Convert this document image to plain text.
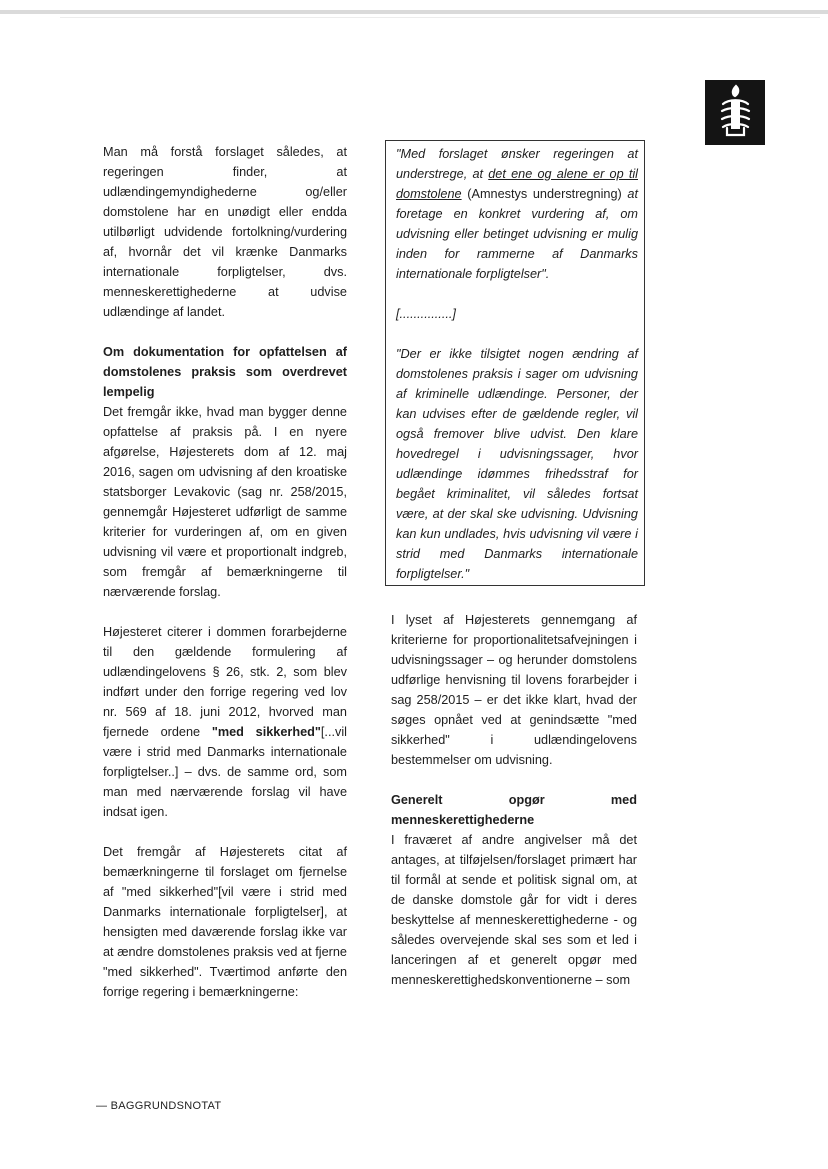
Man må forstå forslaget således, at regeringen finder, at udlændingemyndighederne og/eller domstolene har en unødigt eller endda utilbørligt udvidende fortolkning/vurdering af, hvornår det vil krænke Danmarks internationale forpligtelser, dvs. menneskerettighederne at udvise udlændinge af landet.

Om dokumentation for opfattelsen af domstolenes praksis som overdrevet lempelig

Det fremgår ikke, hvad man bygger denne opfattelse af praksis på. I en nyere afgørelse, Højesterets dom af 12. maj 2016, sagen om udvisning af den kroatiske statsborger Levakovic (sag nr. 258/2015, gennemgår Højesteret udførligt de samme kriterier for vurderingen af, om en given udvisning vil være et proportionalt indgreb, som fremgår af bemærkningerne til nærværende forslag.

Højesteret citerer i dommen forarbejderne til den gældende formulering af udlændingelovens § 26, stk. 2, som blev indført under den forrige regering ved lov nr. 569 af 18. juni 2012, hvorved man fjernede ordene "med sikkerhed"[...vil være i strid med Danmarks internationale forpligtelser..] – dvs. de samme ord, som man med nærværende forslag vil have indsat igen.

Det fremgår af Højesterets citat af bemærkningerne til forslaget om fjernelse af "med sikkerhed"[vil være i strid med Danmarks internationale forpligtelser], at hensigten med daværende forslag ikke var at ændre domstolenes praksis ved at fjerne "med sikkerhed". Tværtimod anførte den forrige regering i bemærkningerne:

"Med forslaget ønsker regeringen at understrege, at det ene og alene er op til domstolene (Amnestys understregning) at foretage en konkret vurdering af, om udvisning eller betinget udvisning er mulig inden for rammerne af Danmarks internationale forpligtelser".

[...............]

"Der er ikke tilsigtet nogen ændring af domstolenes praksis i sager om udvisning af kriminelle udlændinge. Personer, der kan udvises efter de gældende regler, vil også fremover blive udvist. Den klare hovedregel i udvisningssager, hvor udlændinge idømmes frihedsstraf for begået kriminalitet, vil således fortsat være, at der skal ske udvisning. Udvisning kan kun undlades, hvis udvisning vil være i strid med Danmarks internationale forpligtelser."

I lyset af Højesterets gennemgang af kriterierne for proportionalitetsafvejningen i udvisningssager – og herunder domstolens udførlige henvisning til lovens forarbejder i sag 258/2015 – er det ikke klart, hvad der søges opnået ved at genindsætte "med sikkerhed" i udlændingelovens bestemmelser om udvisning.

Generelt opgør med menneskerettighederne

I fraværet af andre angivelser må det antages, at tilføjelsen/forslaget primært har til formål at sende et politisk signal om, at de danske domstole går for vidt i deres beskyttelse af menneskerettighederne - og således overvejende skal ses som et led i lanceringen af et generelt opgør med menneskerettighedskonventionerne – som

— BAGGRUNDSNOTAT
